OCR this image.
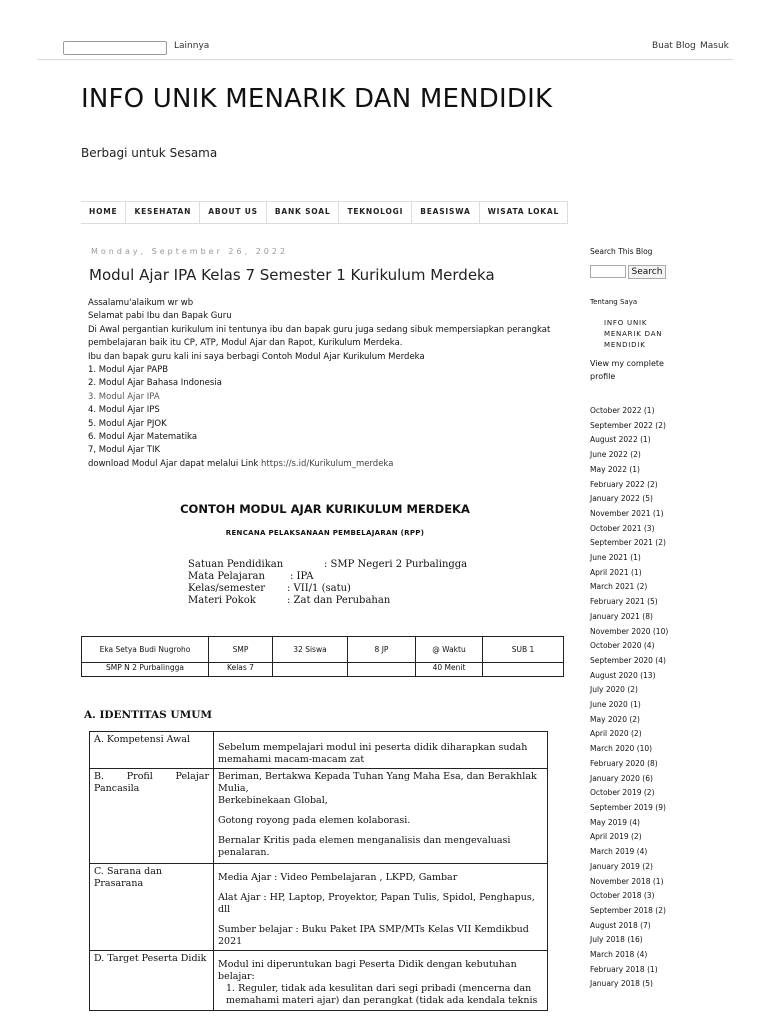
Lainnya	Buat Blog Masuk
INFO UNIK MENARIK DAN MENDIDIK
Berbagi untuk Sesama
HOME	KESEHATAN	ABOUT US	BANK SOAL	TEKNOLOGI	BEASISWA	WISATA LOKAL
Monday, September 26, 2022
Modul Ajar IPA Kelas 7 Semester 1 Kurikulum Merdeka
Assalamu'alaikum wr wb
Selamat pabi Ibu dan Bapak Guru
Di Awal pergantian kurikulum ini tentunya ibu dan bapak guru juga sedang sibuk mempersiapkan perangkat
pembelajaran baik itu CP, ATP, Modul Ajar dan Rapot, Kurikulum Merdeka.
Ibu dan bapak guru kali ini saya berbagi Contoh Modul Ajar Kurikulum Merdeka
1. Modul Ajar PAPB
2. Modul Ajar Bahasa Indonesia
3. Modul Ajar IPA
4. Modul Ajar IPS
5. Modul Ajar PJOK
6. Modul Ajar Matematika
7, Modul Ajar TIK
download Modul Ajar dapat melalui Link https://s.id/Kurikulum_merdeka
CONTOH MODUL AJAR KURIKULUM MERDEKA
RENCANA PELAKSANAAN PEMBELAJARAN (RPP)
Satuan Pendidikan	: SMP Negeri 2 Purbalingga
Mata Pelajaran	: IPA
Kelas/semester	: VII/1 (satu)
Materi Pokok	: Zat dan Perubahan
Eka Setya Budi Nugroho	SMP	32 Siswa	8 JP	@ Waktu	SUB 1
SMP N 2 Purbalingga	Kelas 7			40 Menit	
A. IDENTITAS UMUM
A. Kompetensi Awal	Sebelum mempelajari modul ini peserta didik diharapkan sudah memahami macam-macam zat

B. Profil Pelajar Pancasila	Beriman, Bertakwa Kepada Tuhan Yang Maha Esa, dan Berakhlak Mulia,

Berkebinekaan Global,

Gotong royong pada elemen kolaborasi.

Bernalar Kritis pada elemen menganalisis dan mengevaluasi penalaran.

C. Sarana dan Prasarana	Media Ajar : Video Pembelajaran , LKPD, Gambar

Alat Ajar : HP, Laptop, Proyektor, Papan Tulis, Spidol, Penghapus, dll

Sumber belajar : Buku Paket IPA SMP/MTs Kelas VII Kemdikbud 2021

D. Target Peserta Didik	Modul ini diperuntukan bagi Peserta Didik dengan kebutuhan belajar:

1. Reguler, tidak ada kesulitan dari segi pribadi (mencerna dan memahami materi ajar) dan perangkat (tidak ada kendala teknis

Search This Blog
Search
Tentang Saya
INFO UNIK MENARIK DAN MENDIDIK
View my complete profile
October 2022 (1)
September 2022 (2)
August 2022 (1)
June 2022 (2)
May 2022 (1)
February 2022 (2)
January 2022 (5)
November 2021 (1)
October 2021 (3)
September 2021 (2)
June 2021 (1)
April 2021 (1)
March 2021 (2)
February 2021 (5)
January 2021 (8)
November 2020 (10)
October 2020 (4)
September 2020 (4)
August 2020 (13)
July 2020 (2)
June 2020 (1)
May 2020 (2)
April 2020 (2)
March 2020 (10)
February 2020 (8)
January 2020 (6)
October 2019 (2)
September 2019 (9)
May 2019 (4)
April 2019 (2)
March 2019 (4)
January 2019 (2)
November 2018 (1)
October 2018 (3)
September 2018 (2)
August 2018 (7)
July 2018 (16)
March 2018 (4)
February 2018 (1)
January 2018 (5)
